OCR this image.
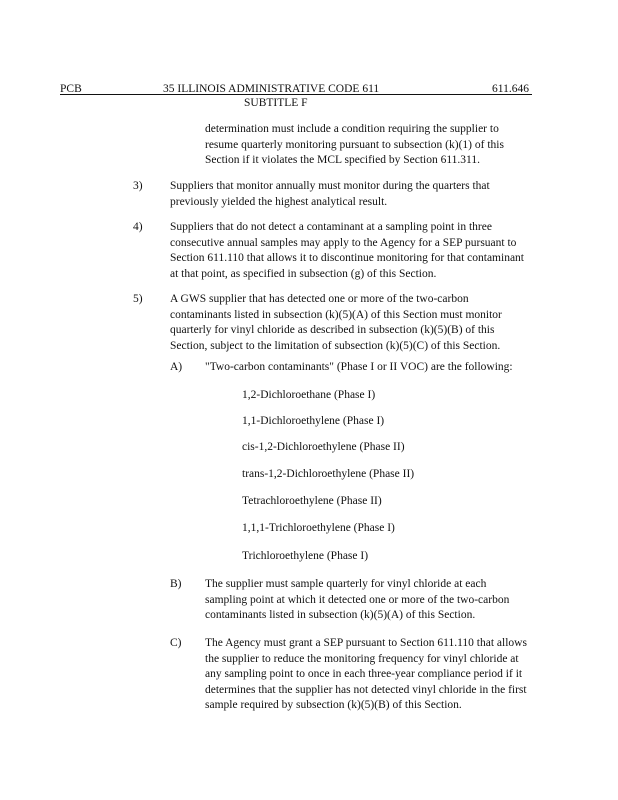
PCB	35 ILLINOIS ADMINISTRATIVE CODE 611	611.646
SUBTITLE F
determination must include a condition requiring the supplier to resume quarterly monitoring pursuant to subsection (k)(1) of this Section if it violates the MCL specified by Section 611.311.
3) Suppliers that monitor annually must monitor during the quarters that previously yielded the highest analytical result.
4) Suppliers that do not detect a contaminant at a sampling point in three consecutive annual samples may apply to the Agency for a SEP pursuant to Section 611.110 that allows it to discontinue monitoring for that contaminant at that point, as specified in subsection (g) of this Section.
5) A GWS supplier that has detected one or more of the two-carbon contaminants listed in subsection (k)(5)(A) of this Section must monitor quarterly for vinyl chloride as described in subsection (k)(5)(B) of this Section, subject to the limitation of subsection (k)(5)(C) of this Section.
A) "Two-carbon contaminants" (Phase I or II VOC) are the following:
1,2-Dichloroethane (Phase I)
1,1-Dichloroethylene (Phase I)
cis-1,2-Dichloroethylene (Phase II)
trans-1,2-Dichloroethylene (Phase II)
Tetrachloroethylene (Phase II)
1,1,1-Trichloroethylene (Phase I)
Trichloroethylene (Phase I)
B) The supplier must sample quarterly for vinyl chloride at each sampling point at which it detected one or more of the two-carbon contaminants listed in subsection (k)(5)(A) of this Section.
C) The Agency must grant a SEP pursuant to Section 611.110 that allows the supplier to reduce the monitoring frequency for vinyl chloride at any sampling point to once in each three-year compliance period if it determines that the supplier has not detected vinyl chloride in the first sample required by subsection (k)(5)(B) of this Section.
